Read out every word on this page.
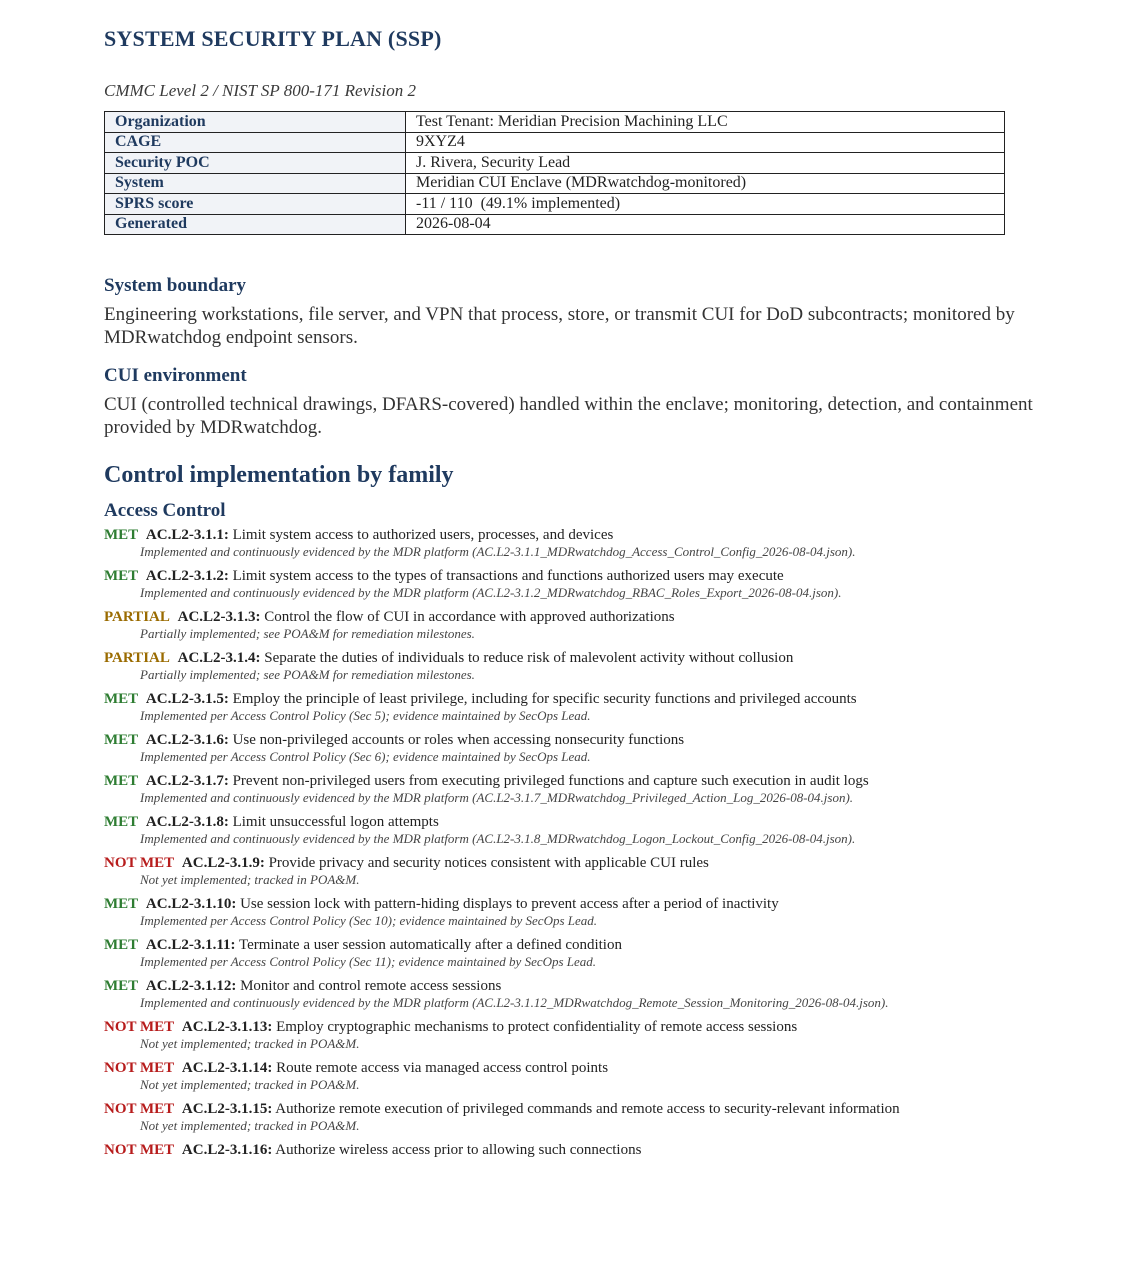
SYSTEM SECURITY PLAN (SSP)

CMMC Level 2 / NIST SP 800-171 Revision 2

Organization	Test Tenant: Meridian Precision Machining LLC
CAGE	9XYZ4
Security POC	J. Rivera, Security Lead
System	Meridian CUI Enclave (MDRwatchdog-monitored)
SPRS score	-11 / 110  (49.1% implemented)
Generated	2026-08-04
System boundary

Engineering workstations, file server, and VPN that process, store, or transmit CUI for DoD subcontracts; monitored by MDRwatchdog endpoint sensors.

CUI environment

CUI (controlled technical drawings, DFARS-covered) handled within the enclave; monitoring, detection, and containment provided by MDRwatchdog.

Control implementation by family
Access Control
MET AC.L2-3.1.1: Limit system access to authorized users, processes, and devices
Implemented and continuously evidenced by the MDR platform (AC.L2-3.1.1_MDRwatchdog_Access_Control_Config_2026-08-04.json).
MET AC.L2-3.1.2: Limit system access to the types of transactions and functions authorized users may execute
Implemented and continuously evidenced by the MDR platform (AC.L2-3.1.2_MDRwatchdog_RBAC_Roles_Export_2026-08-04.json).
PARTIAL AC.L2-3.1.3: Control the flow of CUI in accordance with approved authorizations
Partially implemented; see POA&M for remediation milestones.
PARTIAL AC.L2-3.1.4: Separate the duties of individuals to reduce risk of malevolent activity without collusion
Partially implemented; see POA&M for remediation milestones.
MET AC.L2-3.1.5: Employ the principle of least privilege, including for specific security functions and privileged accounts
Implemented per Access Control Policy (Sec 5); evidence maintained by SecOps Lead.
MET AC.L2-3.1.6: Use non-privileged accounts or roles when accessing nonsecurity functions
Implemented per Access Control Policy (Sec 6); evidence maintained by SecOps Lead.
MET AC.L2-3.1.7: Prevent non-privileged users from executing privileged functions and capture such execution in audit logs
Implemented and continuously evidenced by the MDR platform (AC.L2-3.1.7_MDRwatchdog_Privileged_Action_Log_2026-08-04.json).
MET AC.L2-3.1.8: Limit unsuccessful logon attempts
Implemented and continuously evidenced by the MDR platform (AC.L2-3.1.8_MDRwatchdog_Logon_Lockout_Config_2026-08-04.json).
NOT MET AC.L2-3.1.9: Provide privacy and security notices consistent with applicable CUI rules
Not yet implemented; tracked in POA&M.
MET AC.L2-3.1.10: Use session lock with pattern-hiding displays to prevent access after a period of inactivity
Implemented per Access Control Policy (Sec 10); evidence maintained by SecOps Lead.
MET AC.L2-3.1.11: Terminate a user session automatically after a defined condition
Implemented per Access Control Policy (Sec 11); evidence maintained by SecOps Lead.
MET AC.L2-3.1.12: Monitor and control remote access sessions
Implemented and continuously evidenced by the MDR platform (AC.L2-3.1.12_MDRwatchdog_Remote_Session_Monitoring_2026-08-04.json).
NOT MET AC.L2-3.1.13: Employ cryptographic mechanisms to protect confidentiality of remote access sessions
Not yet implemented; tracked in POA&M.
NOT MET AC.L2-3.1.14: Route remote access via managed access control points
Not yet implemented; tracked in POA&M.
NOT MET AC.L2-3.1.15: Authorize remote execution of privileged commands and remote access to security-relevant information
Not yet implemented; tracked in POA&M.
NOT MET AC.L2-3.1.16: Authorize wireless access prior to allowing such connections
